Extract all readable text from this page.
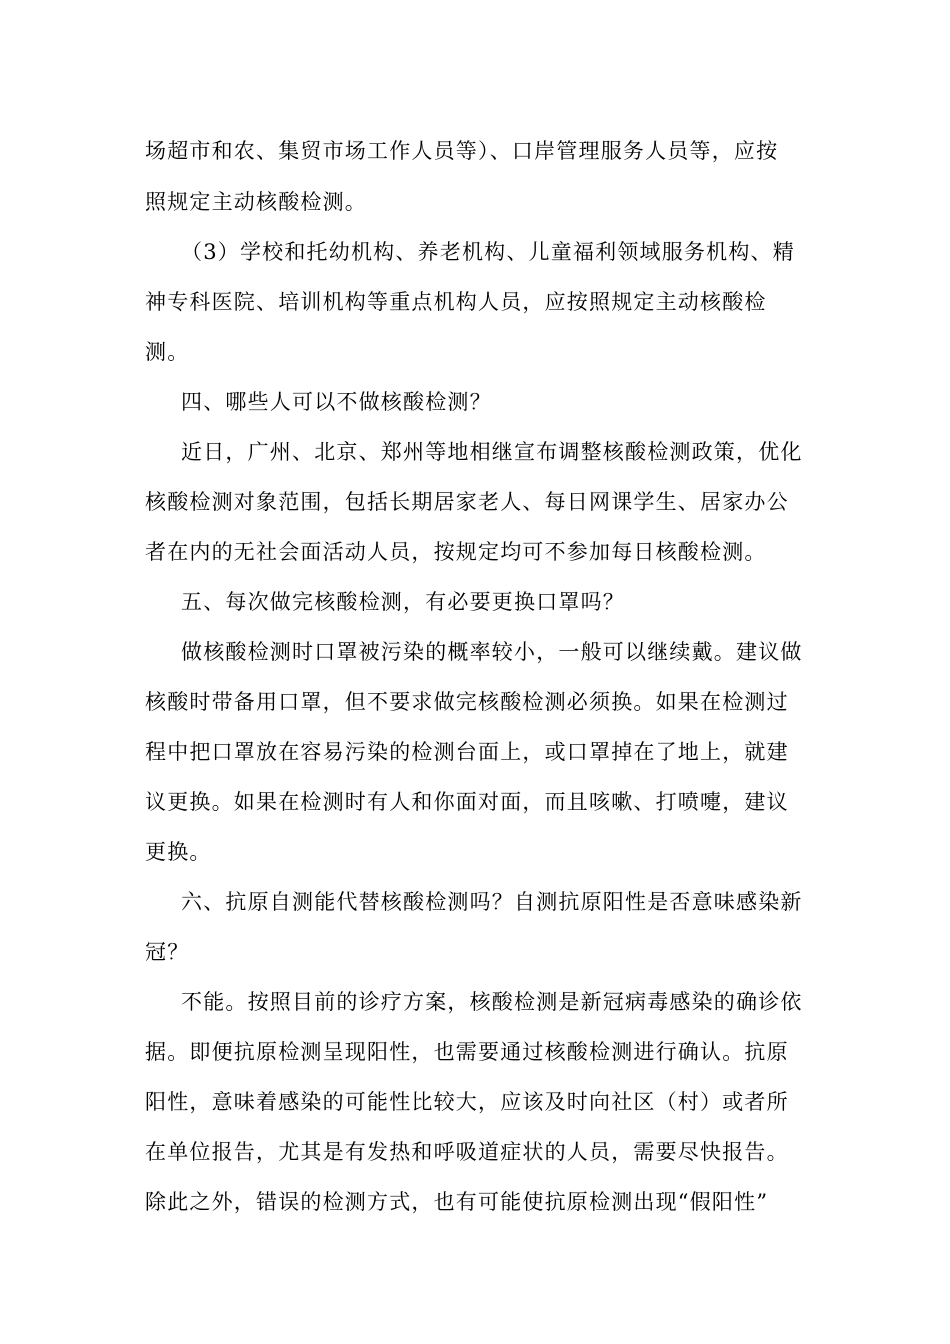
场超市和农、集贸市场工作人员等）、口岸管理服务人员等，应按
照规定主动核酸检测。
（3）学校和托幼机构、养老机构、儿童福利领域服务机构、精
神专科医院、培训机构等重点机构人员，应按照规定主动核酸检
测。
四、哪些人可以不做核酸检测？
近日，广州、北京、郑州等地相继宣布调整核酸检测政策，优化
核酸检测对象范围，包括长期居家老人、每日网课学生、居家办公
者在内的无社会面活动人员，按规定均可不参加每日核酸检测。
五、每次做完核酸检测，有必要更换口罩吗？
做核酸检测时口罩被污染的概率较小，一般可以继续戴。建议做
核酸时带备用口罩，但不要求做完核酸检测必须换。如果在检测过
程中把口罩放在容易污染的检测台面上，或口罩掉在了地上，就建
议更换。如果在检测时有人和你面对面，而且咳嗽、打喷嚏，建议
更换。
六、抗原自测能代替核酸检测吗？自测抗原阳性是否意味感染新
冠？
不能。按照目前的诊疗方案，核酸检测是新冠病毒感染的确诊依
据。即便抗原检测呈现阳性，也需要通过核酸检测进行确认。抗原
阳性，意味着感染的可能性比较大，应该及时向社区（村）或者所
在单位报告，尤其是有发热和呼吸道症状的人员，需要尽快报告。
除此之外，错误的检测方式，也有可能使抗原检测出现“假阳性”
